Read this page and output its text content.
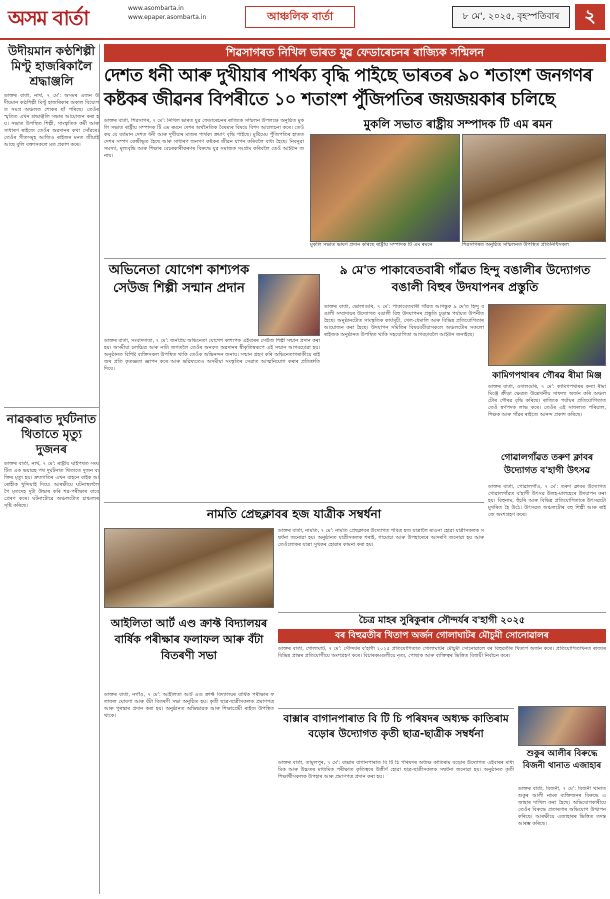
অসম বার্তা	www.asombarta.in
www.epaper.asombarta.in	আঞ্চলিক বাৰ্তা	৮ মে', ২০২৫, বৃহস্পতিবাৰ	২
উদীয়মান কণ্ঠশিল্পী মিণ্টু হাজৰিকালৈ শ্ৰদ্ধাঞ্জলি
ডাক্তৰ বাৰ্তা, নাৰ্থ, ৭ মে': অসমৰ এজন উদীয়মান কণ্ঠশিল্পী মিণ্টু হাজৰিকাৰ অকাল বিয়োগত সমগ্ৰ অঞ্চলত শোকৰ ছাঁ পৰিছে। তেওঁৰ স্মৃতিত এখন শ্ৰদ্ধাঞ্জলি সভাৰ আয়োজন কৰা হয়। সভাত উপস্থিত শিল্পী, সাংস্কৃতিক কৰ্মী আৰু সাধাৰণ ৰাইজে তেওঁৰ অৱদানৰ কথা সোঁৱৰে। তেওঁৰ গীতসমূহ আজিও ৰাইজৰ মনত জীয়াই আছে বুলি বক্তাসকলে মত প্ৰকাশ কৰে।
নাৱকৰাত দুৰ্ঘটনাত থিতাতে মৃত্যু দুজনৰ
ডাক্তৰ বাৰ্তা, নাৰ্থ, ৭ মে': ৰাষ্ট্ৰীয় ঘাইপথত সংঘটিত এক ভয়াৱহ পথ দুৰ্ঘটনাত থিতাতে দুজন ব্যক্তিৰ মৃত্যু হয়। দ্ৰুতগতিৰ এখন বাহনে বাইক আৰোহীক খুন্দিয়াই দিয়ে। আৰক্ষীয়ে ঘটনাস্থললৈ গৈ মৃতদেহ দুটা উদ্ধাৰ কৰি শৱ-পৰীক্ষাৰ বাবে প্ৰেৰণ কৰে। ঘটনাটোৱে অঞ্চলটোত চাঞ্চল্যৰ সৃষ্টি কৰিছে।
শিৱসাগৰত নিখিল ভাৰত যুৱ ফেডাৰেচনৰ ৰাজ্যিক সন্মিলন
দেশত ধনী আৰু দুখীয়াৰ পাৰ্থক্য বৃদ্ধি পাইছে ভাৰতৰ ৯০ শতাংশ জনগণৰ কষ্টকৰ জীৱনৰ বিপৰীতে ১০ শতাংশ পুঁজিপতিৰ জয়জয়কাৰ চলিছে
ডাক্তৰ বাৰ্তা, শিৱসাগৰ, ৭ মে': নিখিল ভাৰত যুৱ ফেডাৰেচনৰ ৰাজ্যিক সন্মিলন উপলক্ষে অনুষ্ঠিত মুকলি সভাত ৰাষ্ট্ৰীয় সম্পাদক টি এম ৰমনে দেশৰ অৰ্থনৈতিক বৈষম্যৰ বিষয়ে বিশদ আলোচনা কৰে। তেওঁ কয় যে বৰ্তমান দেশত ধনী আৰু দুখীয়াৰ মাজৰ পাৰ্থক্য ক্ৰমাৎ বৃদ্ধি পাইছে। মুষ্টিমেয় পুঁজিপতিৰ হাতত দেশৰ সম্পদ কেন্দ্ৰীভূত হৈছে আৰু সাধাৰণ জনগণ কষ্টকৰ জীৱন যাপন কৰিবলৈ বাধ্য হৈছে। নিবনুৱা সমস্যা, মূল্যবৃদ্ধি আৰু শিক্ষাৰ বেচৰকাৰীকৰণৰ বিৰুদ্ধে যুৱ সমাজক সংগ্ৰাম কৰিবলৈ তেওঁ আহ্বান জনায়।
মুকলি সভাত ৰাষ্ট্ৰীয় সম্পাদক টি এম ৰমন
মুকলি সভাত ভাষণ প্ৰদান কৰিছে ৰাষ্ট্ৰীয় সম্পাদক টি এম ৰমনে	শিৱসাগৰত অনুষ্ঠিত সন্মিলনত উপস্থিত প্ৰতিনিধিসকল
অভিনেতা যোগেশ কাশ্যপক সেউজ শিল্পী সন্মান প্ৰদান
ডাক্তৰ বাৰ্তা, সংবাদদাতা, ৭ মে': জনপ্ৰিয় অভিনেতা যোগেশ কাশ্যপক এইবাৰৰ সেউজ শিল্পী সন্মান প্ৰদান কৰা হয়। অসমীয়া চলচ্চিত্ৰ আৰু নাট্য জগতলৈ তেওঁৰ অনবদ্য অৱদানৰ স্বীকৃতিস্বৰূপে এই সন্মান আগবঢ়োৱা হয়। অনুষ্ঠানত বিশিষ্ট ব্যক্তিসকল উপস্থিত থাকি তেওঁক অভিনন্দন জনায়। সন্মান গ্ৰহণ কৰি অভিনেতাগৰাকীয়ে ৰাইজৰ প্ৰতি কৃতজ্ঞতা জ্ঞাপন কৰে আৰু ভৱিষ্যতেও অসমীয়া সংস্কৃতিৰ সেৱাত আত্মনিয়োগ কৰাৰ প্ৰতিশ্ৰুতি দিয়ে।
৯ মে'ত পাকাবেতবাৰী গাঁৱত হিন্দু বঙালীৰ উদ্যোগত বঙালী বিহুৰ উদযাপনৰ প্ৰস্তুতি
ডাক্তৰ বাৰ্তা, ভোলাগুৰি, ৭ মে': পাকাবেতবাৰী গাঁৱত আগন্তুক ৯ মে'ত হিন্দু বঙালী সম্প্ৰদায়ৰ উদ্যোগত বঙালী বিহু উদযাপনৰ প্ৰস্তুতি চূড়ান্ত পৰ্যায়ত উপনীত হৈছে। অনুষ্ঠানটোত সাংস্কৃতিক কাৰ্যসূচী, খেল-ধেমালি আৰু বিভিন্ন প্ৰতিযোগিতাৰ আয়োজন কৰা হৈছে। উদযাপন সমিতিৰ বিষয়ববীয়াসকলে অঞ্চলটোৰ সকলো ৰাইজক অনুষ্ঠানত উপস্থিত থাকি সহযোগিতা আগবঢ়াবলৈ আহ্বান জনাইছে।
কামিগপথাৰৰ গৌৰৱ ৰীমা মিঞ্জ
ডাক্তৰ বাৰ্তা, ওদালগুৰি, ৭ মে': কামিগপথাৰৰ কন্যা ৰীমা মিঞ্জে ক্ৰীড়া ক্ষেত্ৰত উল্লেখনীয় সাফল্য অৰ্জন কৰি অঞ্চলটোৰ গৌৰৱ বৃদ্ধি কৰিছে। ৰাজ্যিক পৰ্যায়ৰ প্ৰতিযোগিতাত তেওঁ স্বৰ্ণপদক লাভ কৰে। তেওঁৰ এই সাফল্যত পৰিয়াল, শিক্ষক আৰু গাঁৱৰ ৰাইজে আনন্দ প্ৰকাশ কৰিছে।
গোৱালগাঁৱত তৰুণ ক্লাবৰ উদ্যোগত ব'হাগী উৎসৱ
ডাক্তৰ বাৰ্তা, গোৱালগাঁও, ৭ মে': তৰুণ ক্লাবৰ উদ্যোগত গোৱালগাঁৱত ব'হাগী উৎসৱ উলহ-মালহেৰে উদযাপন কৰা হয়। বিহুনাম, হুঁচৰি আৰু বিভিন্ন প্ৰতিযোগিতাৰে উৎসৱটো মুখৰিত হৈ উঠে। উৎসৱত অঞ্চলটোৰ বহু শিল্পী আৰু ৰাইজে অংশগ্ৰহণ কৰে।
নামতি প্ৰেছক্লাবৰ হজ যাত্ৰীক সম্বৰ্ধনা
ডাক্তৰ বাৰ্তা, নামতি, ৭ মে': নামতি প্ৰেছক্লাবৰ উদ্যোগত পবিত্ৰ হজ যাত্ৰালৈ ৰাওনা হোৱা যাত্ৰীসকলক সম্বৰ্ধনা জনোৱা হয়। অনুষ্ঠানত যাত্ৰীসকলক শৰাই, গামোচা আৰু উপহাৰেৰে আদৰণি জনোৱা হয় আৰু তেওঁলোকৰ যাত্ৰা সুখকৰ হোৱাৰ কামনা কৰা হয়।
চৈত্ৰ মাহৰ সুৰিকুৰাৰ সৌন্দৰ্যৰ ব'হাগী ২০২৫
বৰ বিহুৱতীৰ খিতাপ অৰ্জন গোলাঘাটৰ মৌচুমী সোনোৱালৰ
ডাক্তৰ বাৰ্তা, গোলাঘাট, ৭ মে': সৌন্দৰ্যৰ ব'হাগী ২০২৫ প্ৰতিযোগিতাত গোলাঘাটৰ মৌচুমী সোনোৱালে বৰ বিহুৱতীৰ খিতাপ অৰ্জন কৰে। প্ৰতিযোগিতাখনত ৰাজ্যৰ বিভিন্ন প্ৰান্তৰ প্ৰতিযোগীয়ে অংশগ্ৰহণ কৰে। বিচাৰকমণ্ডলীয়ে নৃত্য, পোছাক আৰু ব্যক্তিত্বৰ ভিত্তিত বিজয়ী নিৰ্বাচন কৰে।
আইলিতা আৰ্ট এণ্ড ক্ৰাফ্ট বিদ্যালয়ৰ বাৰ্ষিক পৰীক্ষাৰ ফলাফল আৰু বঁটা বিতৰণী সভা
ডাক্তৰ বাৰ্তা, নগাঁও, ৭ মে': আইলিতা আৰ্ট এণ্ড ক্ৰাফ্ট বিদ্যালয়ৰ বাৰ্ষিক পৰীক্ষাৰ ফলাফল ঘোষণা আৰু বঁটা বিতৰণী সভা অনুষ্ঠিত হয়। কৃতী ছাত্ৰ-ছাত্ৰীসকলক প্ৰমাণপত্ৰ আৰু পুৰস্কাৰ প্ৰদান কৰা হয়। অনুষ্ঠানত অভিভাৱক আৰু শিক্ষাপ্ৰেমী ৰাইজ উপস্থিত থাকে।
শুকুৰ আলীৰ বিৰুদ্ধে বিজনী থানাত এজাহাৰ
ডাক্তৰ বাৰ্তা, বিজনী, ৭ মে': বিজনী থানাত শুকুৰ আলী নামৰ ব্যক্তিজনৰ বিৰুদ্ধে এজাহাৰ দাখিল কৰা হৈছে। অভিযোগকাৰীয়ে তেওঁৰ বিৰুদ্ধে প্ৰতাৰণাৰ অভিযোগ উত্থাপন কৰিছে। আৰক্ষীয়ে এজাহাৰৰ ভিত্তিত তদন্ত আৰম্ভ কৰিছে।
বাক্সাৰ বাগানপাৰাত বি টি চি পৰিষদৰ অধ্যক্ষ কাতিৰাম বড়োৰ উদ্যোগত কৃতী ছাত্ৰ-ছাত্ৰীক সম্বৰ্ধনা
ডাক্তৰ বাৰ্তা, তামুলপুৰ, ৭ মে': বাক্সাৰ বাগানপাৰাত বি টি চি পৰিষদৰ অধ্যক্ষ কাতিৰাম বড়োৰ উদ্যোগত এইবাৰৰ মাধ্যমিক আৰু উচ্চতৰ মাধ্যমিক পৰীক্ষাত কৃতিত্বৰে উত্তীৰ্ণ হোৱা ছাত্ৰ-ছাত্ৰীসকলক সম্বৰ্ধনা জনোৱা হয়। অনুষ্ঠানত কৃতী শিক্ষাৰ্থীসকলক উপহাৰ আৰু প্ৰমাণপত্ৰ প্ৰদান কৰা হয়।
